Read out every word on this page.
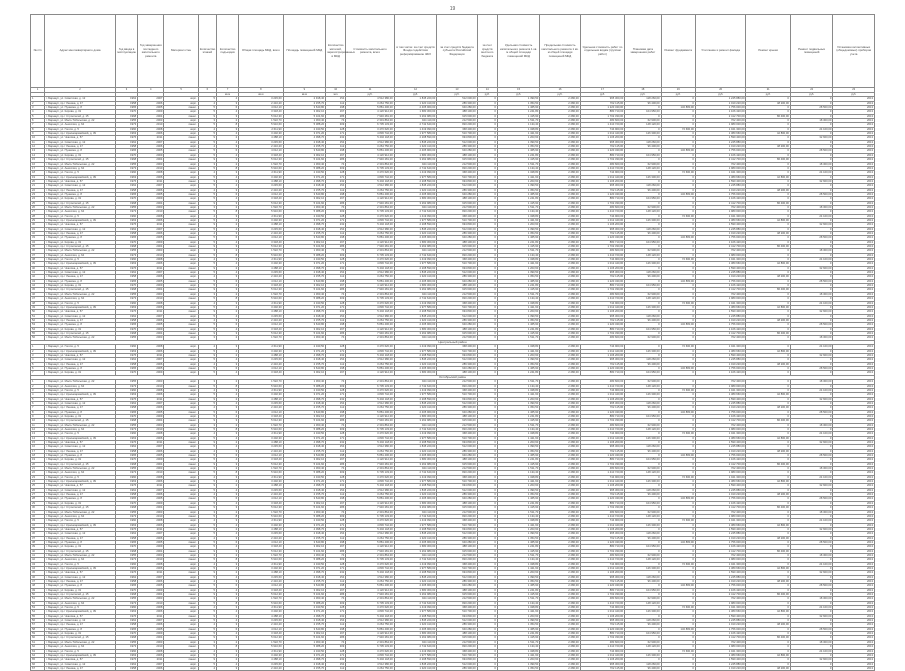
19
№ п/п	Адрес многоквартирного дома	Год ввода в эксплуатацию	Год завершения последнего капитального ремонта	Материал стен	Количество этажей	Количество подъездов	Общая площадь МКД, всего	Площадь помещений МКД	Количество жителей, зарегистрированных в МКД	Стоимость капитального ремонта, всего	в том числе: за счет средств Фонда содействия реформированию ЖКХ	за счет средств бюджета субъекта Российской Федерации	за счет средств местного бюджета	Удельная стоимость капитального ремонта 1 кв. м общей площади помещений МКД	Предельная стоимость капитального ремонта 1 кв. м общей площади помещений МКД	Удельная стоимость работ по отдельным видам (группам работ)	Плановая дата завершения работ	Ремонт фундамента	Утепление и ремонт фасада	Ремонт крыши	Ремонт подвальных помещений	Установка коллективных (общедомовых) приборов учета
1	2	3	4	5	6	7	8	9	10	11	12	13	14	15	16	17	18	19	20	21	22	23
						кв.м	кв.м	кв.м	чел.	руб.	руб.	руб.	руб.	руб.	руб.	руб.	руб.	руб.	руб.	руб.	руб.	руб.
1	г. Барнаул, ул. Советская, д. 12	1962	2007	кирп.	5	4	3 245,60	2 918,40	154	4 512 380,00	1 845 220,00	512 000,00	0	1 390,50	2 280,00	965 300,00	118 260,00	0	1 245 880,00	0	0	2013
2	г. Барнаул, пр-т Ленина, д. 47	1958	2006	кирп.	4	3	2 410,20	2 155,70	112	3 264 750,00	1 320 410,00	286 300,00	0	1 354,50	2 280,00	702 115,00	96 400,00	0	1 010 220,00	48 200,00	0	2013
3	г. Барнаул, ул. Пушкина, д. 8	1965	2005	панел.	5	6	4 012,10	3 640,80	198	5 881 406,00	2 405 960,00	640 280,00	0	1 465,90	2 280,00	1 220 430,00	0	132 880,00	1 756 000,00	0	28 500,00	2013
4	г. Барнаул, ул. Кирова, д. 31	1970	2009	кирп.	5	4	3 318,40	3 002,10	167	4 120 912,00	1 680 300,00	488 100,00	0	1 241,80	2 280,00	880 710,00	104 950,00	0	1 106 420,00	0	0	2013
5	г. Барнаул, пр-т Строителей, д. 15	1968	2004	панел.	9	3	5 612,30	5 104,60	286	7 946 281,00	3 262 980,00	915 600,00	0	1 415,90	2 280,00	1 702 330,00	0	0	2 412 700,00	86 400,00	0	2013
6	г. Барнаул, ул. Мало-Тобольская, д. 22	1955	2003	кирп.	3	2	1 522,70	1 360,40	74	2 301 864,00	944 110,00	212 500,00	0	1 511,70	2 280,00	480 600,00	62 900,00	0	702 400,00	0	18 300,00	2013
7	г. Барнаул, ул. Анатолия, д. 64	1973	2010	панел.	5	8	5 910,60	5 388,20	309	6 705 133,00	2 742 640,00	820 200,00	0	1 134,40	2 280,00	1 410 720,00	148 120,00	0	1 980 000,00	0	0	2013
8	г. Барнаул, ул. Гоголя, д. 5	1960	2008	кирп.	4	3	2 611,90	2 340,50	128	3 470 620,00	1 419 090,00	368 400,00	0	1 328,80	2 280,00	744 900,00	0	72 600,00	1 041 300,00	0	24 100,00	2013
9	г. Барнаул, пр-т Красноармейский, д. 39	1963	2006	кирп.	5	4	3 402,30	3 071,20	171	4 836 742,00	1 977 580,00	510 700,00	0	1 421,60	2 280,00	1 012 440,00	126 300,00	0	1 380 660,00	42 800,00	0	2013
10	г. Барнаул, ул. Чкалова, д. 57	1976	2011	панел.	9	2	4 488,10	4 098,70	232	5 402 118,00	2 208 590,00	694 800,00	0	1 203,60	2 280,00	1 106 200,00	0	0	1 590 400,00	0	32 600,00	2013
11	г. Барнаул, ул. Советская, д. 12	1962	2007	кирп.	5	4	3 245,60	2 918,40	154	4 512 380,00	1 845 220,00	512 000,00	0	1 390,50	2 280,00	965 300,00	118 260,00	0	1 245 880,00	0	0	2013
12	г. Барнаул, пр-т Ленина, д. 47	1958	2006	кирп.	4	3	2 410,20	2 155,70	112	3 264 750,00	1 320 410,00	286 300,00	0	1 354,50	2 280,00	702 115,00	96 400,00	0	1 010 220,00	48 200,00	0	2013
13	г. Барнаул, ул. Пушкина, д. 8	1965	2005	панел.	5	6	4 012,10	3 640,80	198	5 881 406,00	2 405 960,00	640 280,00	0	1 465,90	2 280,00	1 220 430,00	0	132 880,00	1 756 000,00	0	28 500,00	2013
14	г. Барнаул, ул. Кирова, д. 31	1970	2009	кирп.	5	4	3 318,40	3 002,10	167	4 120 912,00	1 680 300,00	488 100,00	0	1 241,80	2 280,00	880 710,00	104 950,00	0	1 106 420,00	0	0	2013
15	г. Барнаул, пр-т Строителей, д. 15	1968	2004	панел.	9	3	5 612,30	5 104,60	286	7 946 281,00	3 262 980,00	915 600,00	0	1 415,90	2 280,00	1 702 330,00	0	0	2 412 700,00	86 400,00	0	2013
16	г. Барнаул, ул. Мало-Тобольская, д. 22	1955	2003	кирп.	3	2	1 522,70	1 360,40	74	2 301 864,00	944 110,00	212 500,00	0	1 511,70	2 280,00	480 600,00	62 900,00	0	702 400,00	0	18 300,00	2013
17	г. Барнаул, ул. Анатолия, д. 64	1973	2010	панел.	5	8	5 910,60	5 388,20	309	6 705 133,00	2 742 640,00	820 200,00	0	1 134,40	2 280,00	1 410 720,00	148 120,00	0	1 980 000,00	0	0	2013
18	г. Барнаул, ул. Гоголя, д. 5	1960	2008	кирп.	4	3	2 611,90	2 340,50	128	3 470 620,00	1 419 090,00	368 400,00	0	1 328,80	2 280,00	744 900,00	0	72 600,00	1 041 300,00	0	24 100,00	2013
19	г. Барнаул, пр-т Красноармейский, д. 39	1963	2006	кирп.	5	4	3 402,30	3 071,20	171	4 836 742,00	1 977 580,00	510 700,00	0	1 421,60	2 280,00	1 012 440,00	126 300,00	0	1 380 660,00	42 800,00	0	2013
20	г. Барнаул, ул. Чкалова, д. 57	1976	2011	панел.	9	2	4 488,10	4 098,70	232	5 402 118,00	2 208 590,00	694 800,00	0	1 203,60	2 280,00	1 106 200,00	0	0	1 590 400,00	0	32 600,00	2013
21	г. Барнаул, ул. Советская, д. 12	1962	2007	кирп.	5	4	3 245,60	2 918,40	154	4 512 380,00	1 845 220,00	512 000,00	0	1 390,50	2 280,00	965 300,00	118 260,00	0	1 245 880,00	0	0	2013
22	г. Барнаул, пр-т Ленина, д. 47	1958	2006	кирп.	4	3	2 410,20	2 155,70	112	3 264 750,00	1 320 410,00	286 300,00	0	1 354,50	2 280,00	702 115,00	96 400,00	0	1 010 220,00	48 200,00	0	2013
23	г. Барнаул, ул. Пушкина, д. 8	1965	2005	панел.	5	6	4 012,10	3 640,80	198	5 881 406,00	2 405 960,00	640 280,00	0	1 465,90	2 280,00	1 220 430,00	0	132 880,00	1 756 000,00	0	28 500,00	2013
24	г. Барнаул, ул. Кирова, д. 31	1970	2009	кирп.	5	4	3 318,40	3 002,10	167	4 120 912,00	1 680 300,00	488 100,00	0	1 241,80	2 280,00	880 710,00	104 950,00	0	1 106 420,00	0	0	2013
25	г. Барнаул, пр-т Строителей, д. 15	1968	2004	панел.	9	3	5 612,30	5 104,60	286	7 946 281,00	3 262 980,00	915 600,00	0	1 415,90	2 280,00	1 702 330,00	0	0	2 412 700,00	86 400,00	0	2013
26	г. Барнаул, ул. Мало-Тобольская, д. 22	1955	2003	кирп.	3	2	1 522,70	1 360,40	74	2 301 864,00	944 110,00	212 500,00	0	1 511,70	2 280,00	480 600,00	62 900,00	0	702 400,00	0	18 300,00	2013
27	г. Барнаул, ул. Анатолия, д. 64	1973	2010	панел.	5	8	5 910,60	5 388,20	309	6 705 133,00	2 742 640,00	820 200,00	0	1 134,40	2 280,00	1 410 720,00	148 120,00	0	1 980 000,00	0	0	2013
28	г. Барнаул, ул. Гоголя, д. 5	1960	2008	кирп.	4	3	2 611,90	2 340,50	128	3 470 620,00	1 419 090,00	368 400,00	0	1 328,80	2 280,00	744 900,00	0	72 600,00	1 041 300,00	0	24 100,00	2013
29	г. Барнаул, пр-т Красноармейский, д. 39	1963	2006	кирп.	5	4	3 402,30	3 071,20	171	4 836 742,00	1 977 580,00	510 700,00	0	1 421,60	2 280,00	1 012 440,00	126 300,00	0	1 380 660,00	42 800,00	0	2013
30	г. Барнаул, ул. Чкалова, д. 57	1976	2011	панел.	9	2	4 488,10	4 098,70	232	5 402 118,00	2 208 590,00	694 800,00	0	1 203,60	2 280,00	1 106 200,00	0	0	1 590 400,00	0	32 600,00	2013
31	г. Барнаул, ул. Советская, д. 12	1962	2007	кирп.	5	4	3 245,60	2 918,40	154	4 512 380,00	1 845 220,00	512 000,00	0	1 390,50	2 280,00	965 300,00	118 260,00	0	1 245 880,00	0	0	2013
32	г. Барнаул, пр-т Ленина, д. 47	1958	2006	кирп.	4	3	2 410,20	2 155,70	112	3 264 750,00	1 320 410,00	286 300,00	0	1 354,50	2 280,00	702 115,00	96 400,00	0	1 010 220,00	48 200,00	0	2013
33	г. Барнаул, ул. Пушкина, д. 8	1965	2005	панел.	5	6	4 012,10	3 640,80	198	5 881 406,00	2 405 960,00	640 280,00	0	1 465,90	2 280,00	1 220 430,00	0	132 880,00	1 756 000,00	0	28 500,00	2013
34	г. Барнаул, ул. Кирова, д. 31	1970	2009	кирп.	5	4	3 318,40	3 002,10	167	4 120 912,00	1 680 300,00	488 100,00	0	1 241,80	2 280,00	880 710,00	104 950,00	0	1 106 420,00	0	0	2013
35	г. Барнаул, пр-т Строителей, д. 15	1968	2004	панел.	9	3	5 612,30	5 104,60	286	7 946 281,00	3 262 980,00	915 600,00	0	1 415,90	2 280,00	1 702 330,00	0	0	2 412 700,00	86 400,00	0	2013
36	г. Барнаул, ул. Мало-Тобольская, д. 22	1955	2003	кирп.	3	2	1 522,70	1 360,40	74	2 301 864,00	944 110,00	212 500,00	0	1 511,70	2 280,00	480 600,00	62 900,00	0	702 400,00	0	18 300,00	2013
37	г. Барнаул, ул. Анатолия, д. 64	1973	2010	панел.	5	8	5 910,60	5 388,20	309	6 705 133,00	2 742 640,00	820 200,00	0	1 134,40	2 280,00	1 410 720,00	148 120,00	0	1 980 000,00	0	0	2013
38	г. Барнаул, ул. Гоголя, д. 5	1960	2008	кирп.	4	3	2 611,90	2 340,50	128	3 470 620,00	1 419 090,00	368 400,00	0	1 328,80	2 280,00	744 900,00	0	72 600,00	1 041 300,00	0	24 100,00	2013
39	г. Барнаул, пр-т Красноармейский, д. 39	1963	2006	кирп.	5	4	3 402,30	3 071,20	171	4 836 742,00	1 977 580,00	510 700,00	0	1 421,60	2 280,00	1 012 440,00	126 300,00	0	1 380 660,00	42 800,00	0	2013
40	г. Барнаул, ул. Чкалова, д. 57	1976	2011	панел.	9	2	4 488,10	4 098,70	232	5 402 118,00	2 208 590,00	694 800,00	0	1 203,60	2 280,00	1 106 200,00	0	0	1 590 400,00	0	32 600,00	2013
41	г. Барнаул, ул. Советская, д. 12	1962	2007	кирп.	5	4	3 245,60	2 918,40	154	4 512 380,00	1 845 220,00	512 000,00	0	1 390,50	2 280,00	965 300,00	118 260,00	0	1 245 880,00	0	0	2013
42	г. Барнаул, пр-т Ленина, д. 47	1958	2006	кирп.	4	3	2 410,20	2 155,70	112	3 264 750,00	1 320 410,00	286 300,00	0	1 354,50	2 280,00	702 115,00	96 400,00	0	1 010 220,00	48 200,00	0	2013
43	г. Барнаул, ул. Пушкина, д. 8	1965	2005	панел.	5	6	4 012,10	3 640,80	198	5 881 406,00	2 405 960,00	640 280,00	0	1 465,90	2 280,00	1 220 430,00	0	132 880,00	1 756 000,00	0	28 500,00	2013
44	г. Барнаул, ул. Кирова, д. 31	1970	2009	кирп.	5	4	3 318,40	3 002,10	167	4 120 912,00	1 680 300,00	488 100,00	0	1 241,80	2 280,00	880 710,00	104 950,00	0	1 106 420,00	0	0	2013
45	г. Барнаул, пр-т Строителей, д. 15	1968	2004	панел.	9	3	5 612,30	5 104,60	286	7 946 281,00	3 262 980,00	915 600,00	0	1 415,90	2 280,00	1 702 330,00	0	0	2 412 700,00	86 400,00	0	2013
46	г. Барнаул, ул. Мало-Тобольская, д. 22	1955	2003	кирп.	3	2	1 522,70	1 360,40	74	2 301 864,00	944 110,00	212 500,00	0	1 511,70	2 280,00	480 600,00	62 900,00	0	702 400,00	0	18 300,00	2013
47	г. Барнаул, ул. Анатолия, д. 64	1973	2010	панел.	5	8	5 910,60	5 388,20	309	6 705 133,00	2 742 640,00	820 200,00	0	1 134,40	2 280,00	1 410 720,00	148 120,00	0	1 980 000,00	0	0	2013
48	г. Барнаул, ул. Гоголя, д. 5	1960	2008	кирп.	4	3	2 611,90	2 340,50	128	3 470 620,00	1 419 090,00	368 400,00	0	1 328,80	2 280,00	744 900,00	0	72 600,00	1 041 300,00	0	24 100,00	2013
49	г. Барнаул, пр-т Красноармейский, д. 39	1963	2006	кирп.	5	4	3 402,30	3 071,20	171	4 836 742,00	1 977 580,00	510 700,00	0	1 421,60	2 280,00	1 012 440,00	126 300,00	0	1 380 660,00	42 800,00	0	2013
50	г. Барнаул, ул. Чкалова, д. 57	1976	2011	панел.	9	2	4 488,10	4 098,70	232	5 402 118,00	2 208 590,00	694 800,00	0	1 203,60	2 280,00	1 106 200,00	0	0	1 590 400,00	0	32 600,00	2013
51	г. Барнаул, ул. Советская, д. 12	1962	2007	кирп.	5	4	3 245,60	2 918,40	154	4 512 380,00	1 845 220,00	512 000,00	0	1 390,50	2 280,00	965 300,00	118 260,00	0	1 245 880,00	0	0	2013
52	г. Барнаул, пр-т Ленина, д. 47	1958	2006	кирп.	4	3	2 410,20	2 155,70	112	3 264 750,00	1 320 410,00	286 300,00	0	1 354,50	2 280,00	702 115,00	96 400,00	0	1 010 220,00	48 200,00	0	2013
53	г. Барнаул, ул. Пушкина, д. 8	1965	2005	панел.	5	6	4 012,10	3 640,80	198	5 881 406,00	2 405 960,00	640 280,00	0	1 465,90	2 280,00	1 220 430,00	0	132 880,00	1 756 000,00	0	28 500,00	2013
54	г. Барнаул, ул. Кирова, д. 31	1970	2009	кирп.	5	4	3 318,40	3 002,10	167	4 120 912,00	1 680 300,00	488 100,00	0	1 241,80	2 280,00	880 710,00	104 950,00	0	1 106 420,00	0	0	2013
55	г. Барнаул, пр-т Строителей, д. 15	1968	2004	панел.	9	3	5 612,30	5 104,60	286	7 946 281,00	3 262 980,00	915 600,00	0	1 415,90	2 280,00	1 702 330,00	0	0	2 412 700,00	86 400,00	0	2013
56	г. Барнаул, ул. Мало-Тобольская, д. 22	1955	2003	кирп.	3	2	1 522,70	1 360,40	74	2 301 864,00	944 110,00	212 500,00	0	1 511,70	2 280,00	480 600,00	62 900,00	0	702 400,00	0	18 300,00	2013
Центральный район																						
1	г. Барнаул, ул. Гоголя, д. 5	1960	2008	кирп.	4	3	2 611,90	2 340,50	128	3 470 620,00	1 419 090,00	368 400,00	0	1 328,80	2 280,00	744 900,00	0	72 600,00	1 041 300,00	0	24 100,00	2013
2	г. Барнаул, пр-т Красноармейский, д. 39	1963	2006	кирп.	5	4	3 402,30	3 071,20	171	4 836 742,00	1 977 580,00	510 700,00	0	1 421,60	2 280,00	1 012 440,00	126 300,00	0	1 380 660,00	42 800,00	0	2013
3	г. Барнаул, ул. Чкалова, д. 57	1976	2011	панел.	9	2	4 488,10	4 098,70	232	5 402 118,00	2 208 590,00	694 800,00	0	1 203,60	2 280,00	1 106 200,00	0	0	1 590 400,00	0	32 600,00	2013
4	г. Барнаул, ул. Советская, д. 12	1962	2007	кирп.	5	4	3 245,60	2 918,40	154	4 512 380,00	1 845 220,00	512 000,00	0	1 390,50	2 280,00	965 300,00	118 260,00	0	1 245 880,00	0	0	2013
5	г. Барнаул, пр-т Ленина, д. 47	1958	2006	кирп.	4	3	2 410,20	2 155,70	112	3 264 750,00	1 320 410,00	286 300,00	0	1 354,50	2 280,00	702 115,00	96 400,00	0	1 010 220,00	48 200,00	0	2013
6	г. Барнаул, ул. Пушкина, д. 8	1965	2005	панел.	5	6	4 012,10	3 640,80	198	5 881 406,00	2 405 960,00	640 280,00	0	1 465,90	2 280,00	1 220 430,00	0	132 880,00	1 756 000,00	0	28 500,00	2013
7	г. Барнаул, ул. Кирова, д. 31	1970	2009	кирп.	5	4	3 318,40	3 002,10	167	4 120 912,00	1 680 300,00	488 100,00	0	1 241,80	2 280,00	880 710,00	104 950,00	0	1 106 420,00	0	0	2013
Октябрьский район																						
1	г. Барнаул, ул. Мало-Тобольская, д. 22	1955	2003	кирп.	3	2	1 522,70	1 360,40	74	2 301 864,00	944 110,00	212 500,00	0	1 511,70	2 280,00	480 600,00	62 900,00	0	702 400,00	0	18 300,00	2013
2	г. Барнаул, ул. Анатолия, д. 64	1973	2010	панел.	5	8	5 910,60	5 388,20	309	6 705 133,00	2 742 640,00	820 200,00	0	1 134,40	2 280,00	1 410 720,00	148 120,00	0	1 980 000,00	0	0	2013
3	г. Барнаул, ул. Гоголя, д. 5	1960	2008	кирп.	4	3	2 611,90	2 340,50	128	3 470 620,00	1 419 090,00	368 400,00	0	1 328,80	2 280,00	744 900,00	0	72 600,00	1 041 300,00	0	24 100,00	2013
4	г. Барнаул, пр-т Красноармейский, д. 39	1963	2006	кирп.	5	4	3 402,30	3 071,20	171	4 836 742,00	1 977 580,00	510 700,00	0	1 421,60	2 280,00	1 012 440,00	126 300,00	0	1 380 660,00	42 800,00	0	2013
5	г. Барнаул, ул. Чкалова, д. 57	1976	2011	панел.	9	2	4 488,10	4 098,70	232	5 402 118,00	2 208 590,00	694 800,00	0	1 203,60	2 280,00	1 106 200,00	0	0	1 590 400,00	0	32 600,00	2013
6	г. Барнаул, ул. Советская, д. 12	1962	2007	кирп.	5	4	3 245,60	2 918,40	154	4 512 380,00	1 845 220,00	512 000,00	0	1 390,50	2 280,00	965 300,00	118 260,00	0	1 245 880,00	0	0	2013
7	г. Барнаул, пр-т Ленина, д. 47	1958	2006	кирп.	4	3	2 410,20	2 155,70	112	3 264 750,00	1 320 410,00	286 300,00	0	1 354,50	2 280,00	702 115,00	96 400,00	0	1 010 220,00	48 200,00	0	2013
8	г. Барнаул, ул. Пушкина, д. 8	1965	2005	панел.	5	6	4 012,10	3 640,80	198	5 881 406,00	2 405 960,00	640 280,00	0	1 465,90	2 280,00	1 220 430,00	0	132 880,00	1 756 000,00	0	28 500,00	2013
9	г. Барнаул, ул. Кирова, д. 31	1970	2009	кирп.	5	4	3 318,40	3 002,10	167	4 120 912,00	1 680 300,00	488 100,00	0	1 241,80	2 280,00	880 710,00	104 950,00	0	1 106 420,00	0	0	2013
10	г. Барнаул, пр-т Строителей, д. 15	1968	2004	панел.	9	3	5 612,30	5 104,60	286	7 946 281,00	3 262 980,00	915 600,00	0	1 415,90	2 280,00	1 702 330,00	0	0	2 412 700,00	86 400,00	0	2013
11	г. Барнаул, ул. Мало-Тобольская, д. 22	1955	2003	кирп.	3	2	1 522,70	1 360,40	74	2 301 864,00	944 110,00	212 500,00	0	1 511,70	2 280,00	480 600,00	62 900,00	0	702 400,00	0	18 300,00	2013
12	г. Барнаул, ул. Анатолия, д. 64	1973	2010	панел.	5	8	5 910,60	5 388,20	309	6 705 133,00	2 742 640,00	820 200,00	0	1 134,40	2 280,00	1 410 720,00	148 120,00	0	1 980 000,00	0	0	2013
13	г. Барнаул, ул. Гоголя, д. 5	1960	2008	кирп.	4	3	2 611,90	2 340,50	128	3 470 620,00	1 419 090,00	368 400,00	0	1 328,80	2 280,00	744 900,00	0	72 600,00	1 041 300,00	0	24 100,00	2013
14	г. Барнаул, пр-т Красноармейский, д. 39	1963	2006	кирп.	5	4	3 402,30	3 071,20	171	4 836 742,00	1 977 580,00	510 700,00	0	1 421,60	2 280,00	1 012 440,00	126 300,00	0	1 380 660,00	42 800,00	0	2013
15	г. Барнаул, ул. Чкалова, д. 57	1976	2011	панел.	9	2	4 488,10	4 098,70	232	5 402 118,00	2 208 590,00	694 800,00	0	1 203,60	2 280,00	1 106 200,00	0	0	1 590 400,00	0	32 600,00	2013
16	г. Барнаул, ул. Советская, д. 12	1962	2007	кирп.	5	4	3 245,60	2 918,40	154	4 512 380,00	1 845 220,00	512 000,00	0	1 390,50	2 280,00	965 300,00	118 260,00	0	1 245 880,00	0	0	2013
17	г. Барнаул, пр-т Ленина, д. 47	1958	2006	кирп.	4	3	2 410,20	2 155,70	112	3 264 750,00	1 320 410,00	286 300,00	0	1 354,50	2 280,00	702 115,00	96 400,00	0	1 010 220,00	48 200,00	0	2013
18	г. Барнаул, ул. Пушкина, д. 8	1965	2005	панел.	5	6	4 012,10	3 640,80	198	5 881 406,00	2 405 960,00	640 280,00	0	1 465,90	2 280,00	1 220 430,00	0	132 880,00	1 756 000,00	0	28 500,00	2013
19	г. Барнаул, ул. Кирова, д. 31	1970	2009	кирп.	5	4	3 318,40	3 002,10	167	4 120 912,00	1 680 300,00	488 100,00	0	1 241,80	2 280,00	880 710,00	104 950,00	0	1 106 420,00	0	0	2013
20	г. Барнаул, пр-т Строителей, д. 15	1968	2004	панел.	9	3	5 612,30	5 104,60	286	7 946 281,00	3 262 980,00	915 600,00	0	1 415,90	2 280,00	1 702 330,00	0	0	2 412 700,00	86 400,00	0	2013
21	г. Барнаул, ул. Мало-Тобольская, д. 22	1955	2003	кирп.	3	2	1 522,70	1 360,40	74	2 301 864,00	944 110,00	212 500,00	0	1 511,70	2 280,00	480 600,00	62 900,00	0	702 400,00	0	18 300,00	2013
22	г. Барнаул, ул. Анатолия, д. 64	1973	2010	панел.	5	8	5 910,60	5 388,20	309	6 705 133,00	2 742 640,00	820 200,00	0	1 134,40	2 280,00	1 410 720,00	148 120,00	0	1 980 000,00	0	0	2013
23	г. Барнаул, ул. Гоголя, д. 5	1960	2008	кирп.	4	3	2 611,90	2 340,50	128	3 470 620,00	1 419 090,00	368 400,00	0	1 328,80	2 280,00	744 900,00	0	72 600,00	1 041 300,00	0	24 100,00	2013
24	г. Барнаул, пр-т Красноармейский, д. 39	1963	2006	кирп.	5	4	3 402,30	3 071,20	171	4 836 742,00	1 977 580,00	510 700,00	0	1 421,60	2 280,00	1 012 440,00	126 300,00	0	1 380 660,00	42 800,00	0	2013
25	г. Барнаул, ул. Чкалова, д. 57	1976	2011	панел.	9	2	4 488,10	4 098,70	232	5 402 118,00	2 208 590,00	694 800,00	0	1 203,60	2 280,00	1 106 200,00	0	0	1 590 400,00	0	32 600,00	2013
26	г. Барнаул, ул. Советская, д. 12	1962	2007	кирп.	5	4	3 245,60	2 918,40	154	4 512 380,00	1 845 220,00	512 000,00	0	1 390,50	2 280,00	965 300,00	118 260,00	0	1 245 880,00	0	0	2013
27	г. Барнаул, пр-т Ленина, д. 47	1958	2006	кирп.	4	3	2 410,20	2 155,70	112	3 264 750,00	1 320 410,00	286 300,00	0	1 354,50	2 280,00	702 115,00	96 400,00	0	1 010 220,00	48 200,00	0	2013
28	г. Барнаул, ул. Пушкина, д. 8	1965	2005	панел.	5	6	4 012,10	3 640,80	198	5 881 406,00	2 405 960,00	640 280,00	0	1 465,90	2 280,00	1 220 430,00	0	132 880,00	1 756 000,00	0	28 500,00	2013
29	г. Барнаул, ул. Кирова, д. 31	1970	2009	кирп.	5	4	3 318,40	3 002,10	167	4 120 912,00	1 680 300,00	488 100,00	0	1 241,80	2 280,00	880 710,00	104 950,00	0	1 106 420,00	0	0	2013
30	г. Барнаул, пр-т Строителей, д. 15	1968	2004	панел.	9	3	5 612,30	5 104,60	286	7 946 281,00	3 262 980,00	915 600,00	0	1 415,90	2 280,00	1 702 330,00	0	0	2 412 700,00	86 400,00	0	2013
31	г. Барнаул, ул. Мало-Тобольская, д. 22	1955	2003	кирп.	3	2	1 522,70	1 360,40	74	2 301 864,00	944 110,00	212 500,00	0	1 511,70	2 280,00	480 600,00	62 900,00	0	702 400,00	0	18 300,00	2013
32	г. Барнаул, ул. Анатолия, д. 64	1973	2010	панел.	5	8	5 910,60	5 388,20	309	6 705 133,00	2 742 640,00	820 200,00	0	1 134,40	2 280,00	1 410 720,00	148 120,00	0	1 980 000,00	0	0	2013
33	г. Барнаул, ул. Гоголя, д. 5	1960	2008	кирп.	4	3	2 611,90	2 340,50	128	3 470 620,00	1 419 090,00	368 400,00	0	1 328,80	2 280,00	744 900,00	0	72 600,00	1 041 300,00	0	24 100,00	2013
34	г. Барнаул, пр-т Красноармейский, д. 39	1963	2006	кирп.	5	4	3 402,30	3 071,20	171	4 836 742,00	1 977 580,00	510 700,00	0	1 421,60	2 280,00	1 012 440,00	126 300,00	0	1 380 660,00	42 800,00	0	2013
35	г. Барнаул, ул. Чкалова, д. 57	1976	2011	панел.	9	2	4 488,10	4 098,70	232	5 402 118,00	2 208 590,00	694 800,00	0	1 203,60	2 280,00	1 106 200,00	0	0	1 590 400,00	0	32 600,00	2013
36	г. Барнаул, ул. Советская, д. 12	1962	2007	кирп.	5	4	3 245,60	2 918,40	154	4 512 380,00	1 845 220,00	512 000,00	0	1 390,50	2 280,00	965 300,00	118 260,00	0	1 245 880,00	0	0	2013
37	г. Барнаул, пр-т Ленина, д. 47	1958	2006	кирп.	4	3	2 410,20	2 155,70	112	3 264 750,00	1 320 410,00	286 300,00	0	1 354,50	2 280,00	702 115,00	96 400,00	0	1 010 220,00	48 200,00	0	2013
38	г. Барнаул, ул. Пушкина, д. 8	1965	2005	панел.	5	6	4 012,10	3 640,80	198	5 881 406,00	2 405 960,00	640 280,00	0	1 465,90	2 280,00	1 220 430,00	0	132 880,00	1 756 000,00	0	28 500,00	2013
39	г. Барнаул, ул. Кирова, д. 31	1970	2009	кирп.	5	4	3 318,40	3 002,10	167	4 120 912,00	1 680 300,00	488 100,00	0	1 241,80	2 280,00	880 710,00	104 950,00	0	1 106 420,00	0	0	2013
40	г. Барнаул, пр-т Строителей, д. 15	1968	2004	панел.	9	3	5 612,30	5 104,60	286	7 946 281,00	3 262 980,00	915 600,00	0	1 415,90	2 280,00	1 702 330,00	0	0	2 412 700,00	86 400,00	0	2013
41	г. Барнаул, ул. Мало-Тобольская, д. 22	1955	2003	кирп.	3	2	1 522,70	1 360,40	74	2 301 864,00	944 110,00	212 500,00	0	1 511,70	2 280,00	480 600,00	62 900,00	0	702 400,00	0	18 300,00	2013
42	г. Барнаул, ул. Анатолия, д. 64	1973	2010	панел.	5	8	5 910,60	5 388,20	309	6 705 133,00	2 742 640,00	820 200,00	0	1 134,40	2 280,00	1 410 720,00	148 120,00	0	1 980 000,00	0	0	2013
43	г. Барнаул, ул. Гоголя, д. 5	1960	2008	кирп.	4	3	2 611,90	2 340,50	128	3 470 620,00	1 419 090,00	368 400,00	0	1 328,80	2 280,00	744 900,00	0	72 600,00	1 041 300,00	0	24 100,00	2013
44	г. Барнаул, пр-т Красноармейский, д. 39	1963	2006	кирп.	5	4	3 402,30	3 071,20	171	4 836 742,00	1 977 580,00	510 700,00	0	1 421,60	2 280,00	1 012 440,00	126 300,00	0	1 380 660,00	42 800,00	0	2013
45	г. Барнаул, ул. Чкалова, д. 57	1976	2011	панел.	9	2	4 488,10	4 098,70	232	5 402 118,00	2 208 590,00	694 800,00	0	1 203,60	2 280,00	1 106 200,00	0	0	1 590 400,00	0	32 600,00	2013
46	г. Барнаул, ул. Советская, д. 12	1962	2007	кирп.	5	4	3 245,60	2 918,40	154	4 512 380,00	1 845 220,00	512 000,00	0	1 390,50	2 280,00	965 300,00	118 260,00	0	1 245 880,00	0	0	2013
47	г. Барнаул, пр-т Ленина, д. 47	1958	2006	кирп.	4	3	2 410,20	2 155,70	112	3 264 750,00	1 320 410,00	286 300,00	0	1 354,50	2 280,00	702 115,00	96 400,00	0	1 010 220,00	48 200,00	0	2013
48	г. Барнаул, ул. Пушкина, д. 8	1965	2005	панел.	5	6	4 012,10	3 640,80	198	5 881 406,00	2 405 960,00	640 280,00	0	1 465,90	2 280,00	1 220 430,00	0	132 880,00	1 756 000,00	0	28 500,00	2013
49	г. Барнаул, ул. Кирова, д. 31	1970	2009	кирп.	5	4	3 318,40	3 002,10	167	4 120 912,00	1 680 300,00	488 100,00	0	1 241,80	2 280,00	880 710,00	104 950,00	0	1 106 420,00	0	0	2013
50	г. Барнаул, пр-т Строителей, д. 15	1968	2004	панел.	9	3	5 612,30	5 104,60	286	7 946 281,00	3 262 980,00	915 600,00	0	1 415,90	2 280,00	1 702 330,00	0	0	2 412 700,00	86 400,00	0	2013
51	г. Барнаул, ул. Мало-Тобольская, д. 22	1955	2003	кирп.	3	2	1 522,70	1 360,40	74	2 301 864,00	944 110,00	212 500,00	0	1 511,70	2 280,00	480 600,00	62 900,00	0	702 400,00	0	18 300,00	2013
52	г. Барнаул, ул. Анатолия, д. 64	1973	2010	панел.	5	8	5 910,60	5 388,20	309	6 705 133,00	2 742 640,00	820 200,00	0	1 134,40	2 280,00	1 410 720,00	148 120,00	0	1 980 000,00	0	0	2013
53	г. Барнаул, ул. Гоголя, д. 5	1960	2008	кирп.	4	3	2 611,90	2 340,50	128	3 470 620,00	1 419 090,00	368 400,00	0	1 328,80	2 280,00	744 900,00	0	72 600,00	1 041 300,00	0	24 100,00	2013
54	г. Барнаул, пр-т Красноармейский, д. 39	1963	2006	кирп.	5	4	3 402,30	3 071,20	171	4 836 742,00	1 977 580,00	510 700,00	0	1 421,60	2 280,00	1 012 440,00	126 300,00	0	1 380 660,00	42 800,00	0	2013
55	г. Барнаул, ул. Чкалова, д. 57	1976	2011	панел.	9	2	4 488,10	4 098,70	232	5 402 118,00	2 208 590,00	694 800,00	0	1 203,60	2 280,00	1 106 200,00	0	0	1 590 400,00	0	32 600,00	2013
56	г. Барнаул, ул. Советская, д. 12	1962	2007	кирп.	5	4	3 245,60	2 918,40	154	4 512 380,00	1 845 220,00	512 000,00	0	1 390,50	2 280,00	965 300,00	118 260,00	0	1 245 880,00	0	0	2013
57	г. Барнаул, пр-т Ленина, д. 47	1958	2006	кирп.	4	3	2 410,20	2 155,70	112	3 264 750,00	1 320 410,00	286 300,00	0	1 354,50	2 280,00	702 115,00	96 400,00	0	1 010 220,00	48 200,00	0	2013
58	г. Барнаул, ул. Пушкина, д. 8	1965	2005	панел.	5	6	4 012,10	3 640,80	198	5 881 406,00	2 405 960,00	640 280,00	0	1 465,90	2 280,00	1 220 430,00	0	132 880,00	1 756 000,00	0	28 500,00	2013
59	г. Барнаул, ул. Кирова, д. 31	1970	2009	кирп.	5	4	3 318,40	3 002,10	167	4 120 912,00	1 680 300,00	488 100,00	0	1 241,80	2 280,00	880 710,00	104 950,00	0	1 106 420,00	0	0	2013
60	г. Барнаул, пр-т Строителей, д. 15	1968	2004	панел.	9	3	5 612,30	5 104,60	286	7 946 281,00	3 262 980,00	915 600,00	0	1 415,90	2 280,00	1 702 330,00	0	0	2 412 700,00	86 400,00	0	2013
61	г. Барнаул, ул. Мало-Тобольская, д. 22	1955	2003	кирп.	3	2	1 522,70	1 360,40	74	2 301 864,00	944 110,00	212 500,00	0	1 511,70	2 280,00	480 600,00	62 900,00	0	702 400,00	0	18 300,00	2013
62	г. Барнаул, ул. Анатолия, д. 64	1973	2010	панел.	5	8	5 910,60	5 388,20	309	6 705 133,00	2 742 640,00	820 200,00	0	1 134,40	2 280,00	1 410 720,00	148 120,00	0	1 980 000,00	0	0	2013
63	г. Барнаул, ул. Гоголя, д. 5	1960	2008	кирп.	4	3	2 611,90	2 340,50	128	3 470 620,00	1 419 090,00	368 400,00	0	1 328,80	2 280,00	744 900,00	0	72 600,00	1 041 300,00	0	24 100,00	2013
64	г. Барнаул, пр-т Красноармейский, д. 39	1963	2006	кирп.	5	4	3 402,30	3 071,20	171	4 836 742,00	1 977 580,00	510 700,00	0	1 421,60	2 280,00	1 012 440,00	126 300,00	0	1 380 660,00	42 800,00	0	2013
65	г. Барнаул, ул. Чкалова, д. 57	1976	2011	панел.	9	2	4 488,10	4 098,70	232	5 402 118,00	2 208 590,00	694 800,00	0	1 203,60	2 280,00	1 106 200,00	0	0	1 590 400,00	0	32 600,00	2013
66	г. Барнаул, ул. Советская, д. 12	1962	2007	кирп.	5	4	3 245,60	2 918,40	154	4 512 380,00	1 845 220,00	512 000,00	0	1 390,50	2 280,00	965 300,00	118 260,00	0	1 245 880,00	0	0	2013
67	г. Барнаул, пр-т Ленина, д. 47	1958	2006	кирп.	4	3	2 410,20	2 155,70	112	3 264 750,00	1 320 410,00	286 300,00	0	1 354,50	2 280,00	702 115,00	96 400,00	0	1 010 220,00	48 200,00	0	2013
